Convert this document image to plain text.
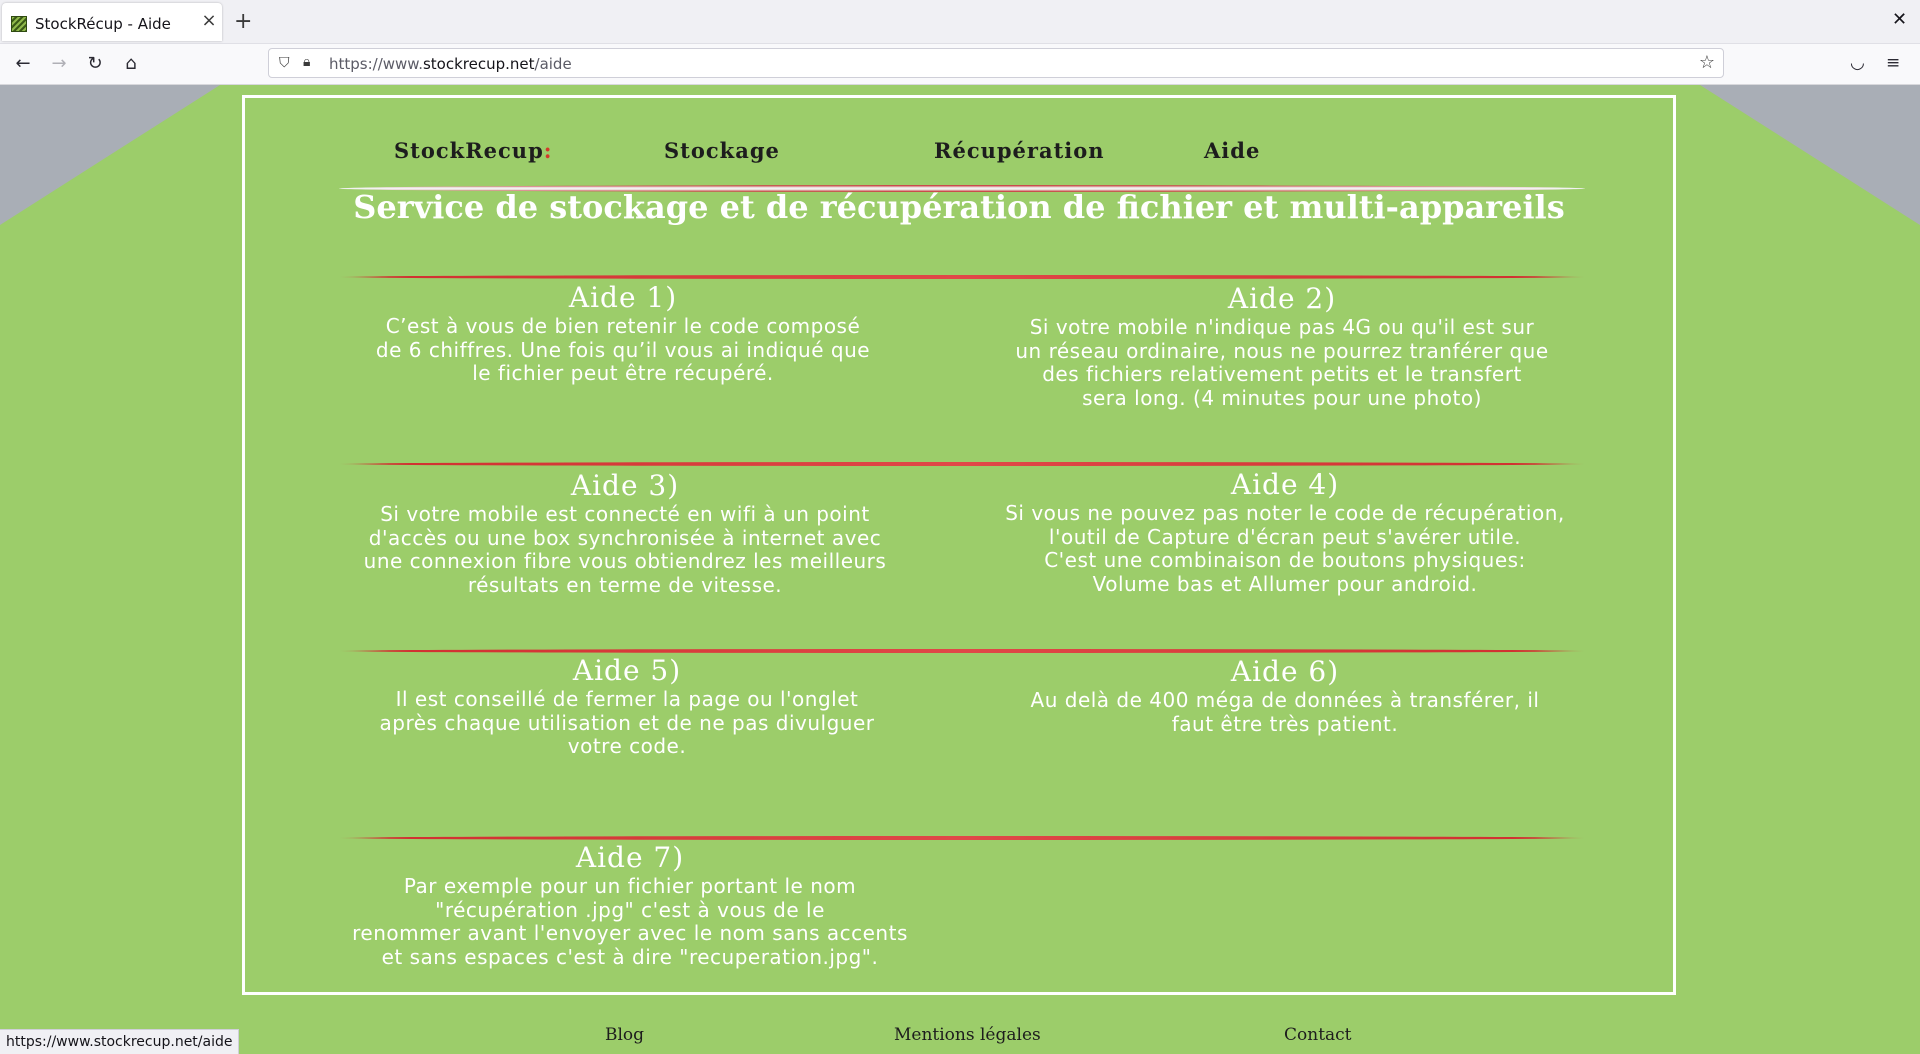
StockRécup - Aide × +	✕
← → ↻	⌂	⛉ 🔒︎ https://www.stockrecup.net/aide	☆	◡ ≡
StockRecup:	Stockage	Récupération	Aide
Service de stockage et de récupération de fichier et multi-appareils
Aide 1)
C’est à vous de bien retenir le code composé
de 6 chiffres. Une fois qu’il vous ai indiqué que
le fichier peut être récupéré.
Aide 2)
Si votre mobile n'indique pas 4G ou qu'il est sur
un réseau ordinaire, nous ne pourrez tranférer que
des fichiers relativement petits et le transfert
sera long. (4 minutes pour une photo)
Aide 3)
Si votre mobile est connecté en wifi à un point
d'accès ou une box synchronisée à internet avec
une connexion fibre vous obtiendrez les meilleurs
résultats en terme de vitesse.
Aide 4)
Si vous ne pouvez pas noter le code de récupération,
l'outil de Capture d'écran peut s'avérer utile.
C'est une combinaison de boutons physiques:
Volume bas et Allumer pour android.
Aide 5)
Il est conseillé de fermer la page ou l'onglet
après chaque utilisation et de ne pas divulguer
votre code.
Aide 6)
Au delà de 400 méga de données à transférer, il
faut être très patient.
Aide 7)
Par exemple pour un fichier portant le nom
"récupération .jpg" c'est à vous de le
renommer avant l'envoyer avec le nom sans accents
et sans espaces c'est à dire "recuperation.jpg".
Blog	Mentions légales	Contact
https://www.stockrecup.net/aide
